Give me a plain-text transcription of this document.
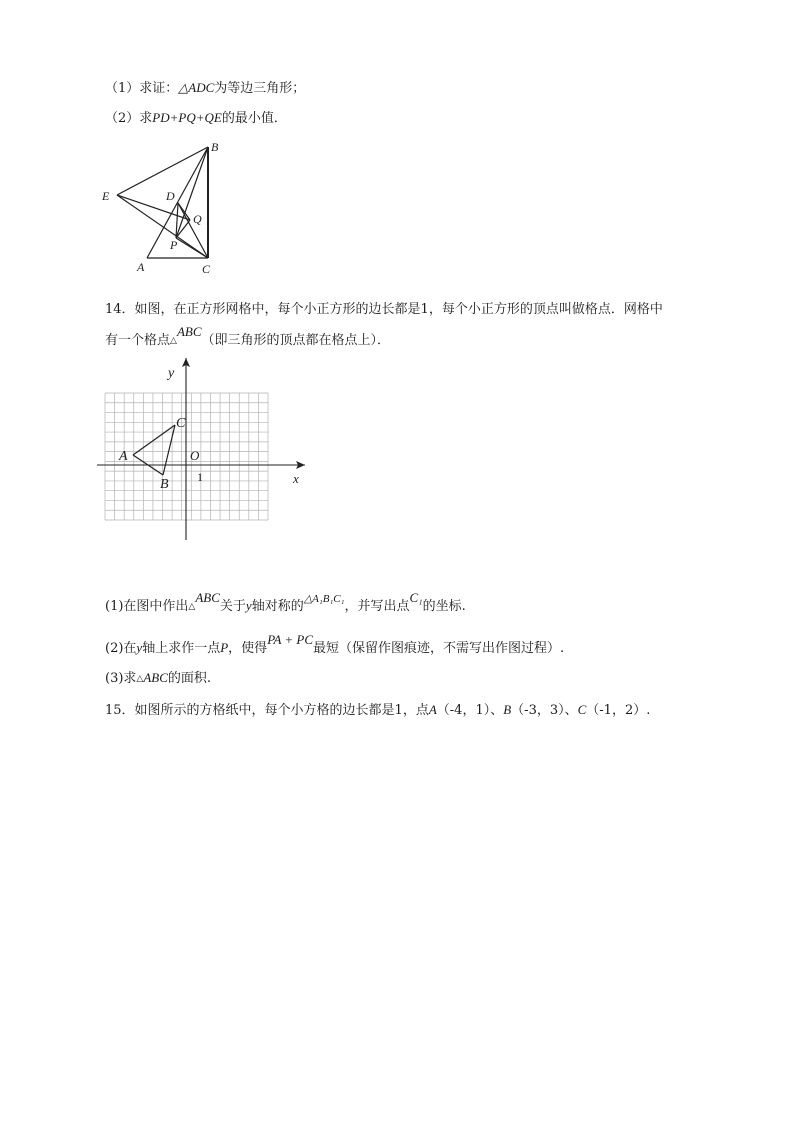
（1）求证：△ADC为等边三角形；
（2）求PD+PQ+QE的最小值．
B
E	D
Q
P
A	C
14．如图，在正方形网格中，每个小正方形的边长都是1，每个小正方形的顶点叫做格点．网格中
有一个格点△ABC（即三角形的顶点都在格点上）．
y
x
O
1
A
B
C
(1)在图中作出△ABC关于y轴对称的$^{\triangle A_1B_1C_1}$，并写出点C₁的坐标.
(2)在y轴上求作一点P，使得PA + PC最短（保留作图痕迹，不需写出作图过程）.
(3)求△ABC的面积.
15．如图所示的方格纸中，每个小方格的边长都是1，点A（-4，1）、B（-3，3）、C（-1，2）.
